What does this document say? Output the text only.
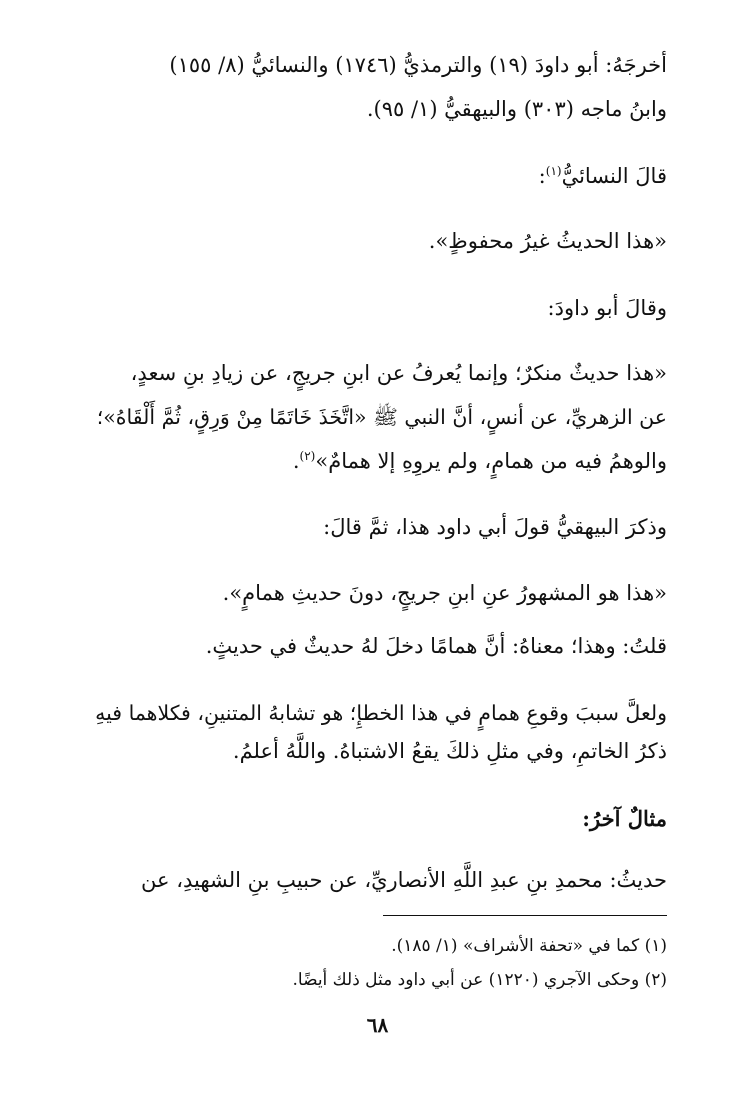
أخرجَهُ: أبو داودَ (١٩) والترمذيُّ (١٧٤٦) والنسائيُّ (٨/ ١٥٥)

وابنُ ماجه (٣٠٣) والبيهقيُّ (١/ ٩٥).

قالَ النسائيُّ$^{(١)}$:

«هذا الحديثُ غيرُ محفوظٍ».

وقالَ أبو داودَ:

«هذا حديثٌ منكرٌ؛ وإنما يُعرفُ عن ابنِ جريجٍ، عن زيادِ بنِ سعدٍ،

عن الزهريِّ، عن أنسٍ، أنَّ النبي ﷺ «اتَّخَذَ خَاتَمًا مِنْ وَرِقٍ، ثُمَّ أَلْقَاهُ»؛

والوهمُ فيه من همامٍ، ولم يروِهِ إلا همامٌ»$^{(٢)}$.

وذكرَ البيهقيُّ قولَ أبي داود هذا، ثمَّ قالَ:

«هذا هو المشهورُ عنِ ابنِ جريجٍ، دونَ حديثِ همامٍ».

قلتُ: وهذا؛ معناهُ: أنَّ همامًا دخلَ لهُ حديثٌ في حديثٍ.

ولعلَّ سببَ وقوعِ همامٍ في هذا الخطإِ؛ هو تشابهُ المتنينِ، فكلاهما فيهِ

ذكرُ الخاتمِ، وفي مثلِ ذلكَ يقعُ الاشتباهُ. واللَّهُ أعلمُ.

مثالٌ آخرُ:

حديثُ: محمدِ بنِ عبدِ اللَّهِ الأنصاريِّ، عن حبيبِ بنِ الشهيدِ، عن

(١) كما في «تحفة الأشراف» (١/ ١٨٥).

(٢) وحكى الآجري (١٢٢٠) عن أبي داود مثل ذلك أيضًا.

٦٨
